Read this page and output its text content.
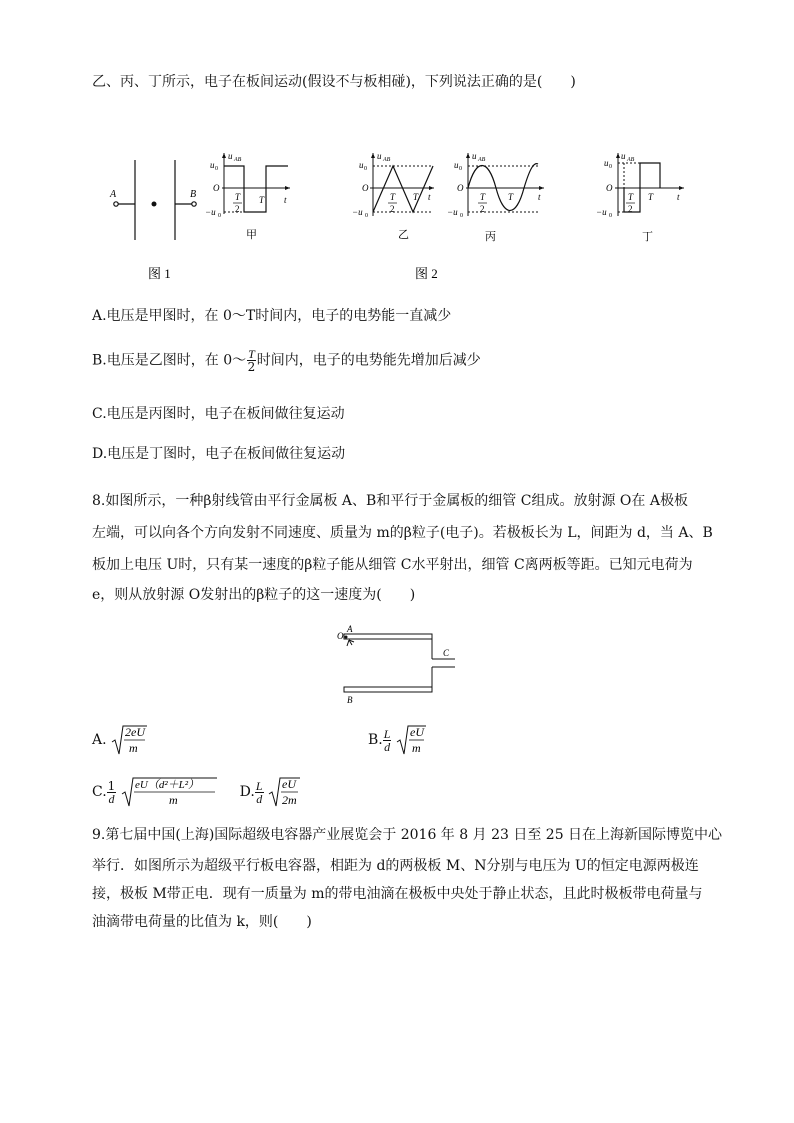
乙、丙、丁所示，电子在板间运动(假设不与板相碰)，下列说法正确的是(　　)
A	B
u AB
u 0
O
−u 0
T
2
T t
甲
u AB
u 0
O
−u 0
T
2
T t
乙
u AB
u 0
O
−u 0
T
2
T	t
丙
u AB
u 0
O
−u 0
T
2
T	t
丁
图 1	图 2
A.电压是甲图时，在 0～T时间内，电子的电势能一直减少
B.电压是乙图时，在 0～ $\frac{T}{2}$ 时间内，电子的电势能先增加后减少
C.电压是丙图时，电子在板间做往复运动
D.电压是丁图时，电子在板间做往复运动
8.如图所示，一种β射线管由平行金属板 A、B和平行于金属板的细管 C组成。放射源 O在 A极板
左端，可以向各个方向发射不同速度、质量为 m的β粒子(电子)。若极板长为 L，间距为 d，当 A、B
板加上电压 U时，只有某一速度的β粒子能从细管 C水平射出，细管 C离两板等距。已知元电荷为
e，则从放射源 O发射出的β粒子的这一速度为(　　)
O
A
C
B
A. 2eU
m	B. $\frac{L}{d}$
eU
m
C. $\frac{1}{d}$
eU（d²＋L²）
m	D. $\frac{L}{d}$
eU
2m
9.第七届中国(上海)国际超级电容器产业展览会于 2016 年 8 月 23 日至 25 日在上海新国际博览中心
举行．如图所示为超级平行板电容器，相距为 d的两极板 M、N分别与电压为 U的恒定电源两极连
接，极板 M带正电．现有一质量为 m的带电油滴在极板中央处于静止状态，且此时极板带电荷量与
油滴带电荷量的比值为 k，则(　　)
